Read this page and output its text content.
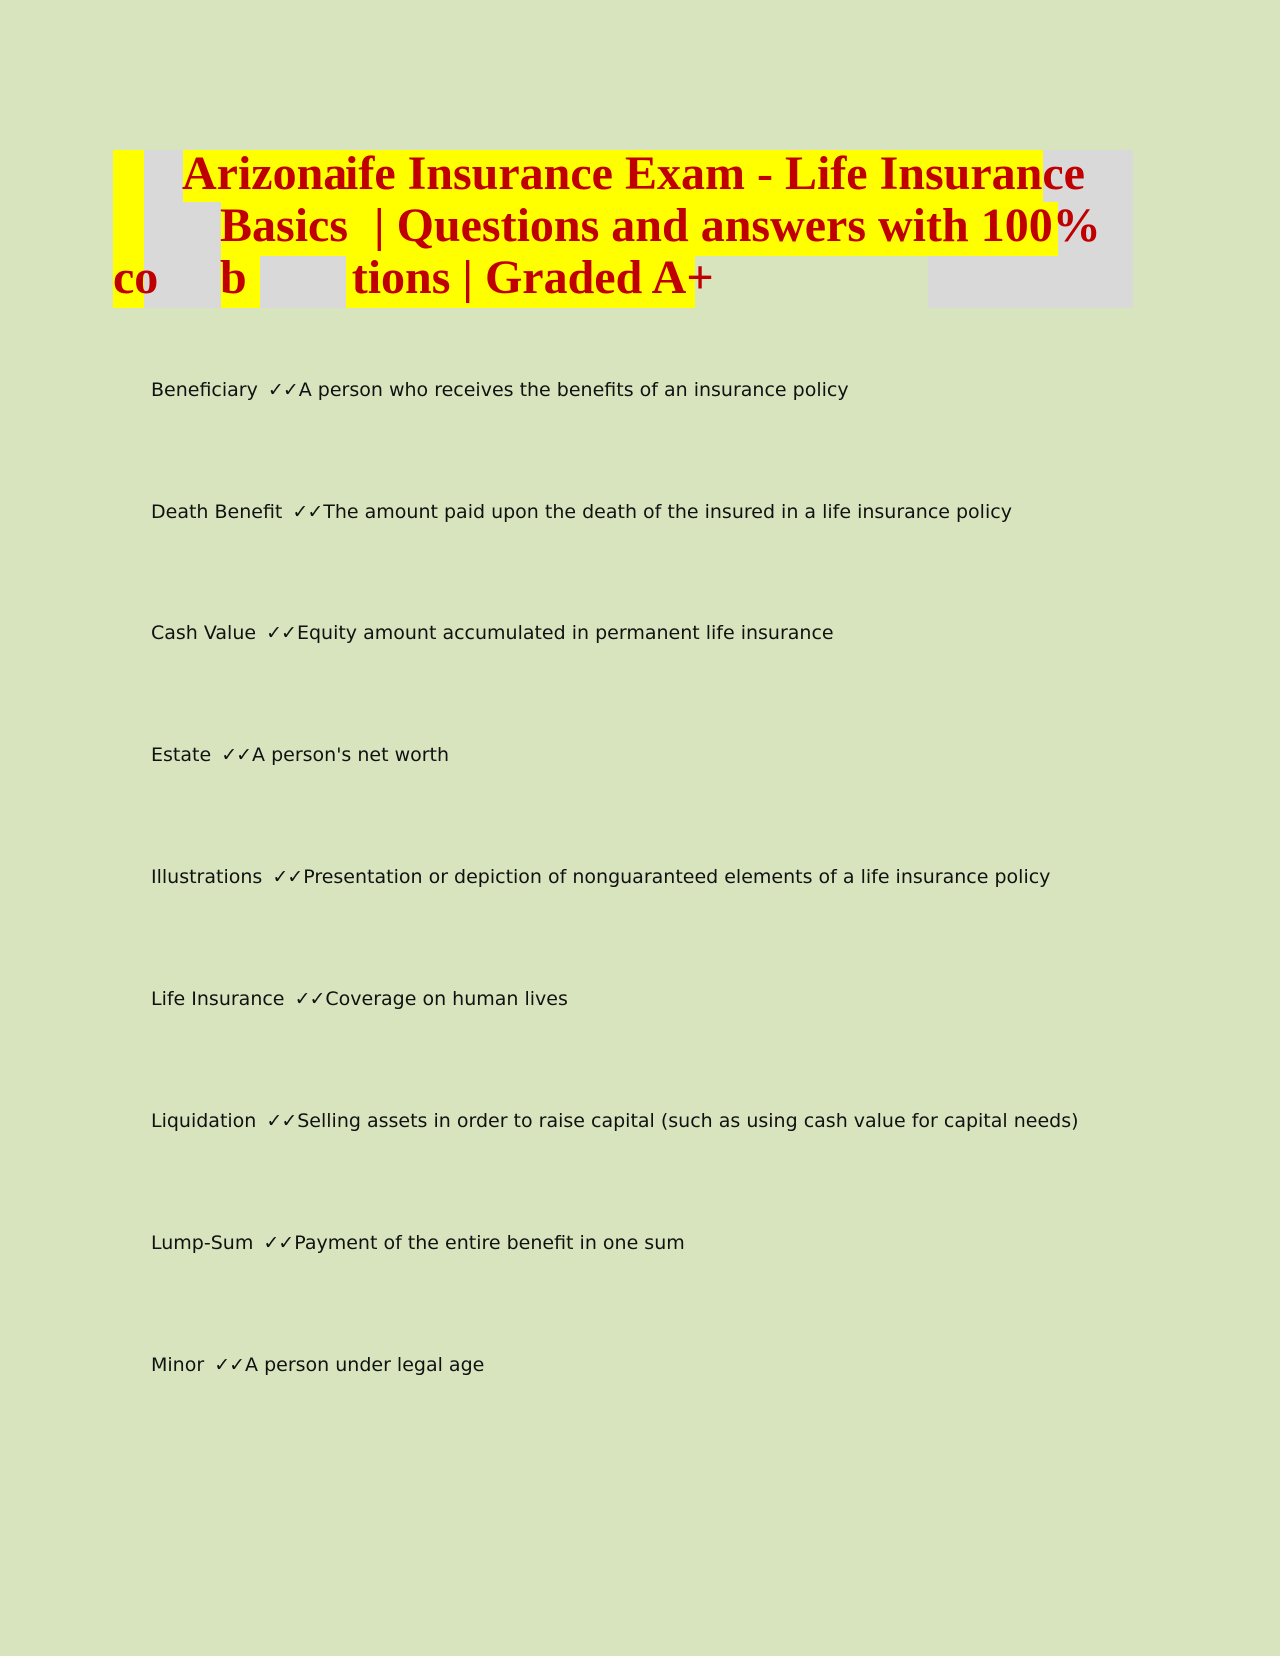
Arizonaife Insurance Exam - Life Insurance
Basics | Questions and answers with 100%
co b tions | Graded A+
Beneficiary ✓✓A person who receives the benefits of an insurance policy
Death Benefit ✓✓The amount paid upon the death of the insured in a life insurance policy
Cash Value ✓✓Equity amount accumulated in permanent life insurance
Estate ✓✓A person's net worth
Illustrations ✓✓Presentation or depiction of nonguaranteed elements of a life insurance policy
Life Insurance ✓✓Coverage on human lives
Liquidation ✓✓Selling assets in order to raise capital (such as using cash value for capital needs)
Lump-Sum ✓✓Payment of the entire benefit in one sum
Minor ✓✓A person under legal age
